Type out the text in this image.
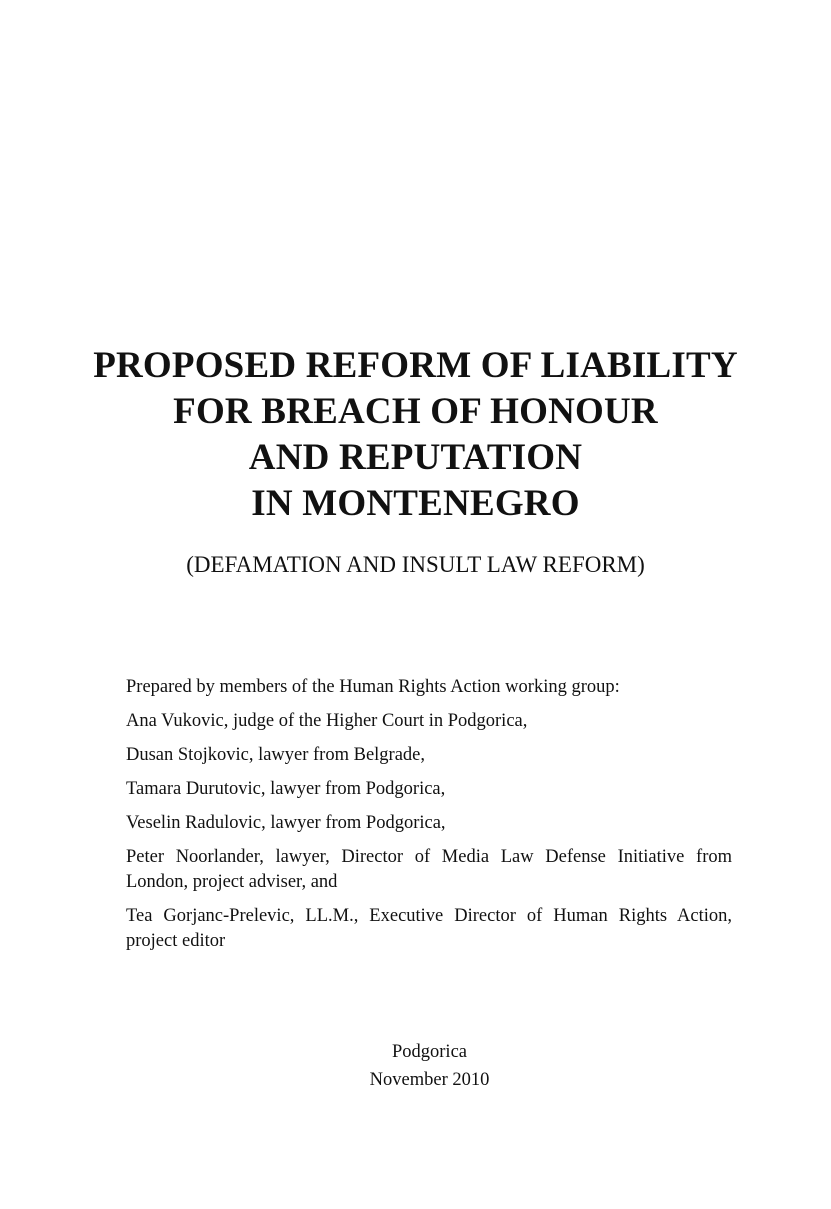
PROPOSED REFORM OF LIABILITY

FOR BREACH OF HONOUR

AND REPUTATION

IN MONTENEGRO

(DEFAMATION AND INSULT LAW REFORM)

Prepared by members of the Human Rights Action working group:

Ana Vukovic, judge of the Higher Court in Podgorica,

Dusan Stojkovic, lawyer from Belgrade,

Tamara Durutovic, lawyer from Podgorica,

Veselin Radulovic, lawyer from Podgorica,

Peter Noorlander, lawyer, Director of Media Law Defense Initiative from London, project adviser, and

Tea Gorjanc-Prelevic, LL.M., Executive Director of Human Rights Action, project editor

Podgorica
November 2010
